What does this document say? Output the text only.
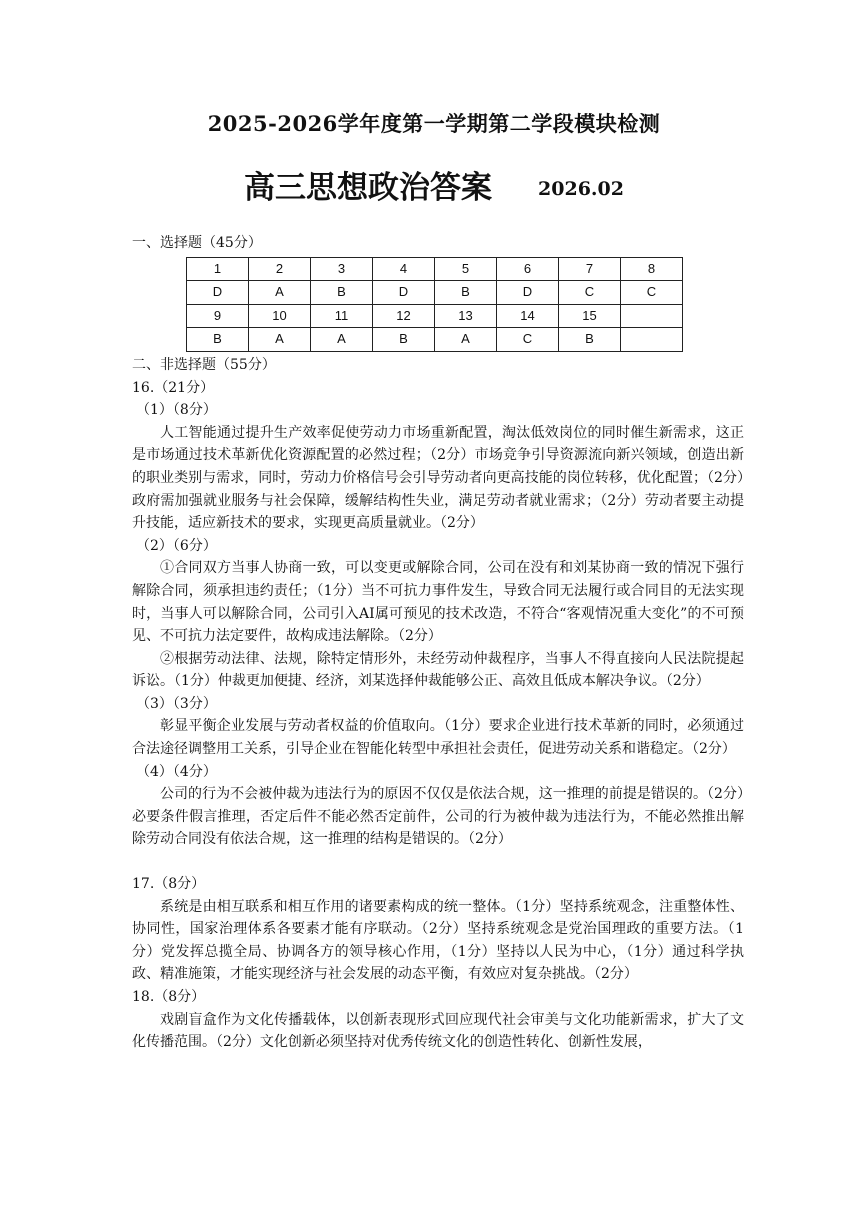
2025-2026学年度第一学期第二学段模块检测
高三思想政治答案 2026.02
一、选择题（45分）
1	2	3	4	5	6	7	8
D	A	B	D	B	D	C	C
9	10	11	12	13	14	15	
B	A	A	B	A	C	B	
二、非选择题（55分）
16.（21分）
（1）（8分）
人工智能通过提升生产效率促使劳动力市场重新配置，淘汰低效岗位的同时催生新需求，这正是市场通过技术革新优化资源配置的必然过程；（2分）市场竞争引导资源流向新兴领域，创造出新的职业类别与需求，同时，劳动力价格信号会引导劳动者向更高技能的岗位转移，优化配置；（2分）政府需加强就业服务与社会保障，缓解结构性失业，满足劳动者就业需求；（2分）劳动者要主动提升技能，适应新技术的要求，实现更高质量就业。（2分）
（2）（6分）
①合同双方当事人协商一致，可以变更或解除合同，公司在没有和刘某协商一致的情况下强行解除合同，须承担违约责任；（1分）当不可抗力事件发生，导致合同无法履行或合同目的无法实现时，当事人可以解除合同，公司引入AI属可预见的技术改造，不符合“客观情况重大变化”的不可预见、不可抗力法定要件，故构成违法解除。（2分）
②根据劳动法律、法规，除特定情形外，未经劳动仲裁程序，当事人不得直接向人民法院提起诉讼。（1分）仲裁更加便捷、经济，刘某选择仲裁能够公正、高效且低成本解决争议。（2分）
（3）（3分）
彰显平衡企业发展与劳动者权益的价值取向。（1分）要求企业进行技术革新的同时，必须通过合法途径调整用工关系，引导企业在智能化转型中承担社会责任，促进劳动关系和谐稳定。（2分）
（4）（4分）
公司的行为不会被仲裁为违法行为的原因不仅仅是依法合规，这一推理的前提是错误的。（2分）必要条件假言推理，否定后件不能必然否定前件，公司的行为被仲裁为违法行为，不能必然推出解除劳动合同没有依法合规，这一推理的结构是错误的。（2分）
17.（8分）
系统是由相互联系和相互作用的诸要素构成的统一整体。（1分）坚持系统观念，注重整体性、协同性，国家治理体系各要素才能有序联动。（2分）坚持系统观念是党治国理政的重要方法。（1分）党发挥总揽全局、协调各方的领导核心作用，（1分）坚持以人民为中心，（1分）通过科学执政、精准施策，才能实现经济与社会发展的动态平衡，有效应对复杂挑战。（2分）
18.（8分）
戏剧盲盒作为文化传播载体，以创新表现形式回应现代社会审美与文化功能新需求，扩大了文化传播范围。（2分）文化创新必须坚持对优秀传统文化的创造性转化、创新性发展，
